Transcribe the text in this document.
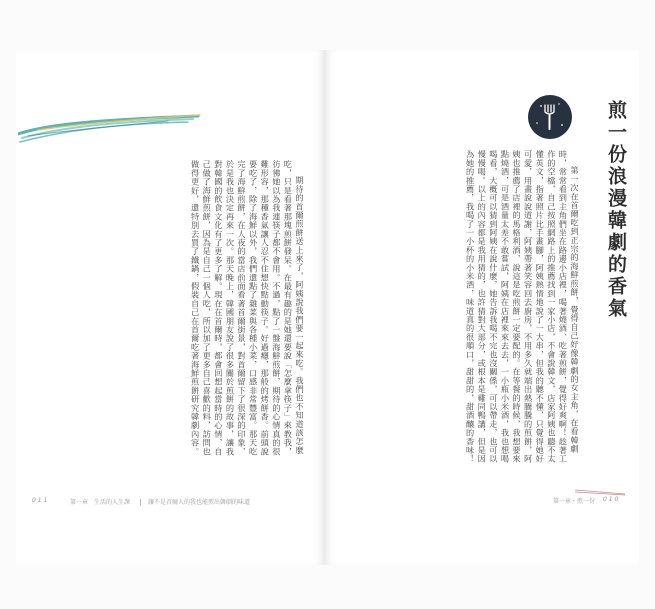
期待的首爾煎餅送上來了，阿姨說我們要一起來吃。我們也不知道該怎麼吃，只是看著那塊煎餅發呆。在最有趣的是她還要說「怎麼拿筷子」來教我，彷彿她以為我連筷子都不會用。不過，點了一盤海鮮煎餅，期待的心情真的很難形容，那種香氣讓人忍不住想快點動筷子。好過癮，那般的烤餅香。前頭說要吃了，除了海鮮以外，我們還點了雜菜與各種小菜，口感非常豐富。那天吃完了海鮮煎餅，在人夜的當店前面看著首爾街景，對首爾留下了很深的印象，於是我也決定再來一次。那天晚上，韓國朋友說了很多關於煎餅的故事，讓我對韓國的飲食文化有了更多了解。現在在首爾時，都會回想起當時的心情，自己做了海鮮煎餅，因為是自己一個人吃，所以加了更多自己喜歡的料，訪問也做得更好，還特別去買了鐵鍋，假裝自己在首爾吃著海鮮煎餅研究韓劇內容。	煎一份浪漫韓劇的香氣

第一次在首爾吃到正宗的海鮮煎餅，覺得自己好像韓劇的女主角，在看韓劇時，常常看到主角們坐在路邊小店裡，喝著燒酒、吃著煎餅，覺得好爽啊！趁著工作的空檔，自己按照網路上的推薦找到一家小店，不會說韓文，店家阿姨也聽不太懂英文，指著照片比手畫腳，阿姨熱情地說了一大串，但我的聽不懂，只覺得她好可愛，用畫說說道謝，阿姨帶著笑容回去廚房，不用多久就端出熱騰騰的煎餅，阿姨也推薦了店裡的馬格利酒，說這是吃煎餅一定要配的。在等餐的時候，我想要來點燒酒，可是酒量太差不敢嘗試，阿姨在店裡來來去去，一小瓶小米酒，我也想喝喝看，大概可以猜到阿姨在說什麼，她告訴我喝不完也沒關係，可以帶走，也可以慢慢喝。以上的內容都是我用猜的，也許猜對大部分，或根本是雞同鴨講，但是因為她的推薦，我喝了一小杯的小米酒，味道真的很順口，甜甜的，甜酒釀的香味！

0 1 1	第一章　生活的人生課	讓不是首爾人的我也能煎出韓劇的味道	第一章・煎一份 0 1 0
